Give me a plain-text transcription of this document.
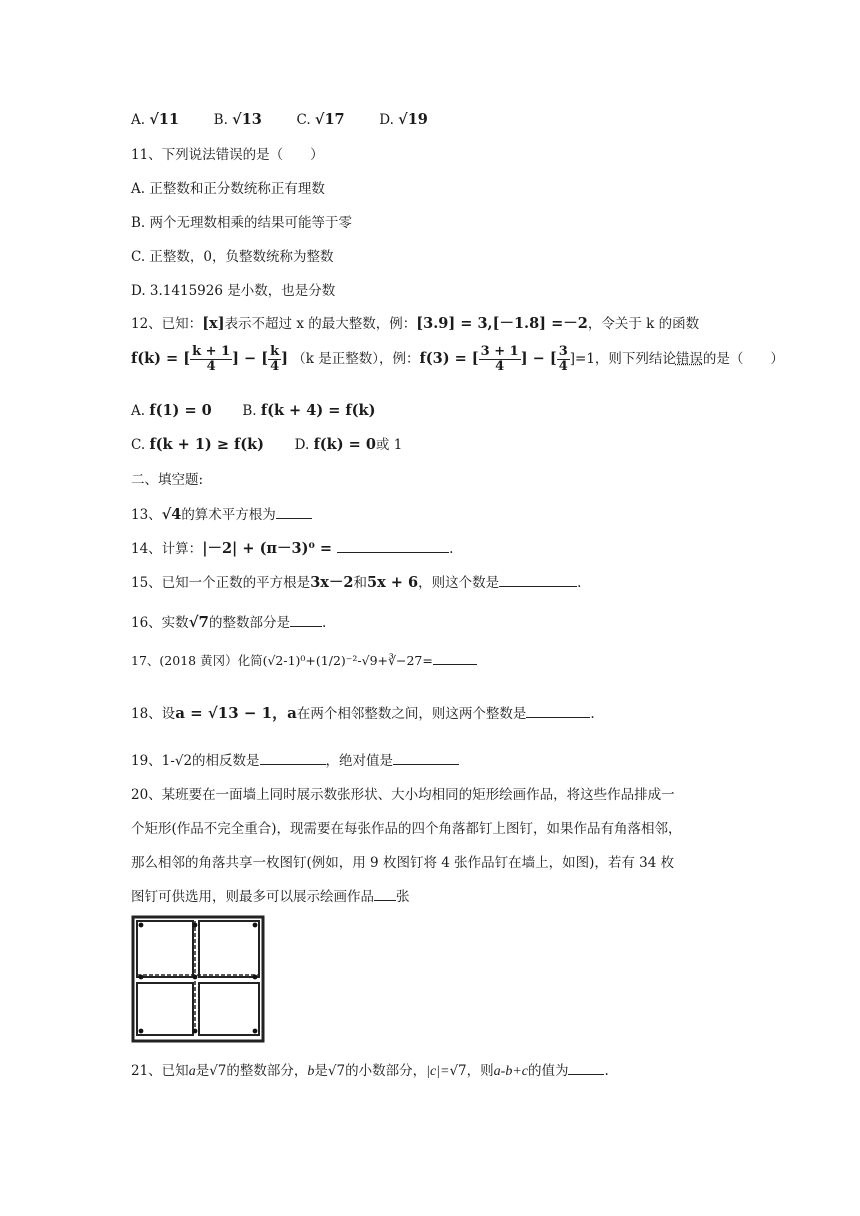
A. √11	B. √13	C. √17	D. √19
11、下列说法错误的是（　　）
A. 正整数和正分数统称正有理数
B. 两个无理数相乘的结果可能等于零
C. 正整数，0，负整数统称为整数
D. 3.1415926 是小数，也是分数
12、已知：[x]表示不超过 x 的最大整数，例：[3.9] = 3,[－1.8] =－2，令关于 k 的函数
f(k) = [ $\frac{k + 1}{4}$ ] − [ $\frac{k}{4}$ ] （k 是正整数），例：f(3) = [ $\frac{3 + 1}{4}$ ] − [ $\frac{3}{4} ]=1$，则下列结论错误的是（　　）
A. f(1) = 0 B. f(k + 4) = f(k)
C. f(k + 1) ≥ f(k) D. f(k) = 0或 1
二、填空题:
13、√4的算术平方根为
14、计算：|－2| + (π－3)⁰ =	.
15、已知一个正数的平方根是3x－2和5x + 6，则这个数是	.
16、实数√7的整数部分是 .
17、(2018 黄冈）化简(√2-1)⁰+(1/2)⁻²-√9+∛−27=
18、设a = √13 − 1，a在两个相邻整数之间，则这两个整数是	.
19、1-√2的相反数是	，绝对值是
20、某班要在一面墙上同时展示数张形状、大小均相同的矩形绘画作品，将这些作品排成一
个矩形(作品不完全重合)，现需要在每张作品的四个角落都钉上图钉，如果作品有角落相邻，
那么相邻的角落共享一枚图钉(例如，用 9 枚图钉将 4 张作品钉在墙上，如图)，若有 34 枚
图钉可供选用，则最多可以展示绘画作品 张
21、已知a是√7的整数部分，b是√7的小数部分，|c|=√7，则a-b+c的值为	.
